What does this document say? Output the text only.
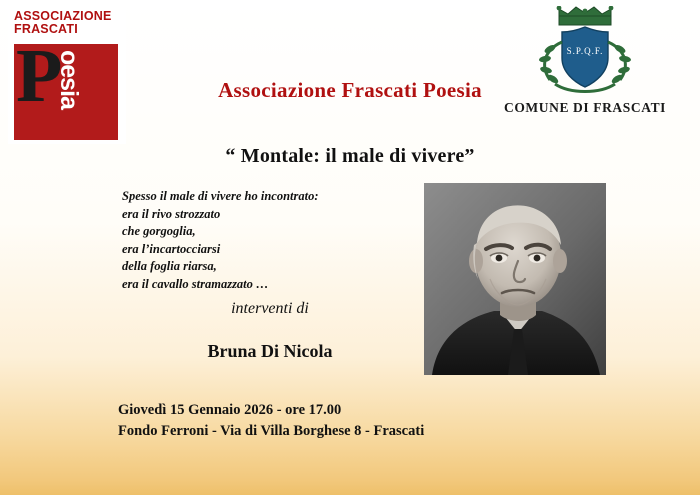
ASSOCIAZIONE
FRASCATI
P
oesia	S.P.Q.F.
COMUNE DI FRASCATI
Associazione Frascati Poesia
“ Montale: il male di vivere”
Spesso il male di vivere ho incontrato:
era il rivo strozzato
che gorgoglia,
era l’incartocciarsi
della foglia riarsa,
era il cavallo stramazzato …
interventi di
Bruna Di Nicola
Giovedì 15 Gennaio 2026 - ore 17.00
Fondo Ferroni - Via di Villa Borghese 8 - Frascati
